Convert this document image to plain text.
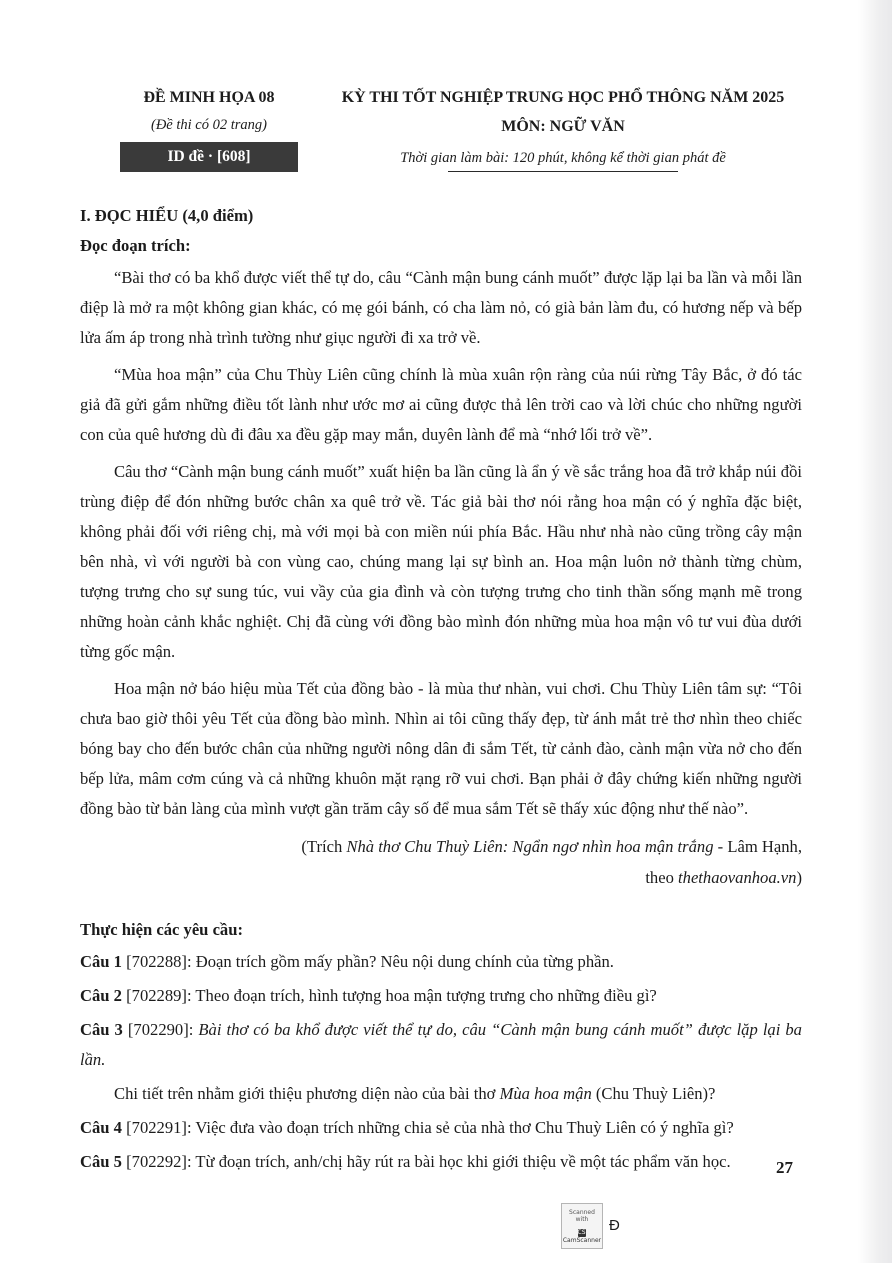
ĐỀ MINH HỌA 08
(Đề thi có 02 trang)
ID đề · [608]
KỲ THI TỐT NGHIỆP TRUNG HỌC PHỔ THÔNG NĂM 2025
MÔN: NGỮ VĂN
Thời gian làm bài: 120 phút, không kể thời gian phát đề
I. ĐỌC HIỂU (4,0 điểm)
Đọc đoạn trích:

“Bài thơ có ba khổ được viết thể tự do, câu “Cành mận bung cánh muốt” được lặp lại ba lần và mỗi lần điệp là mở ra một không gian khác, có mẹ gói bánh, có cha làm nỏ, có già bản làm đu, có hương nếp và bếp lửa ấm áp trong nhà trình tường như giục người đi xa trở về.

“Mùa hoa mận” của Chu Thùy Liên cũng chính là mùa xuân rộn ràng của núi rừng Tây Bắc, ở đó tác giả đã gửi gắm những điều tốt lành như ước mơ ai cũng được thả lên trời cao và lời chúc cho những người con của quê hương dù đi đâu xa đều gặp may mắn, duyên lành để mà “nhớ lối trở về”.

Câu thơ “Cành mận bung cánh muốt” xuất hiện ba lần cũng là ẩn ý về sắc trắng hoa đã trở khắp núi đồi trùng điệp để đón những bước chân xa quê trở về. Tác giả bài thơ nói rằng hoa mận có ý nghĩa đặc biệt, không phải đối với riêng chị, mà với mọi bà con miền núi phía Bắc. Hầu như nhà nào cũng trồng cây mận bên nhà, vì với người bà con vùng cao, chúng mang lại sự bình an. Hoa mận luôn nở thành từng chùm, tượng trưng cho sự sung túc, vui vầy của gia đình và còn tượng trưng cho tinh thần sống mạnh mẽ trong những hoàn cảnh khắc nghiệt. Chị đã cùng với đồng bào mình đón những mùa hoa mận vô tư vui đùa dưới từng gốc mận.

Hoa mận nở báo hiệu mùa Tết của đồng bào - là mùa thư nhàn, vui chơi. Chu Thùy Liên tâm sự: “Tôi chưa bao giờ thôi yêu Tết của đồng bào mình. Nhìn ai tôi cũng thấy đẹp, từ ánh mắt trẻ thơ nhìn theo chiếc bóng bay cho đến bước chân của những người nông dân đi sắm Tết, từ cảnh đào, cành mận vừa nở cho đến bếp lửa, mâm cơm cúng và cả những khuôn mặt rạng rỡ vui chơi. Bạn phải ở đây chứng kiến những người đồng bào từ bản làng của mình vượt gần trăm cây số để mua sắm Tết sẽ thấy xúc động như thế nào”.

(Trích Nhà thơ Chu Thuỳ Liên: Ngẩn ngơ nhìn hoa mận trắng - Lâm Hạnh,

theo thethaovanhoa.vn)

Thực hiện các yêu cầu:

Câu 1 [702288]: Đoạn trích gồm mấy phần? Nêu nội dung chính của từng phần.

Câu 2 [702289]: Theo đoạn trích, hình tượng hoa mận tượng trưng cho những điều gì?

Câu 3 [702290]: Bài thơ có ba khổ được viết thể tự do, câu “Cành mận bung cánh muốt” được lặp lại ba lần.

Chi tiết trên nhằm giới thiệu phương diện nào của bài thơ Mùa hoa mận (Chu Thuỳ Liên)?

Câu 4 [702291]: Việc đưa vào đoạn trích những chia sẻ của nhà thơ Chu Thuỳ Liên có ý nghĩa gì?

Câu 5 [702292]: Từ đoạn trích, anh/chị hãy rút ra bài học khi giới thiệu về một tác phẩm văn học.	27
Scanned with
CSCamScanner
Đ
